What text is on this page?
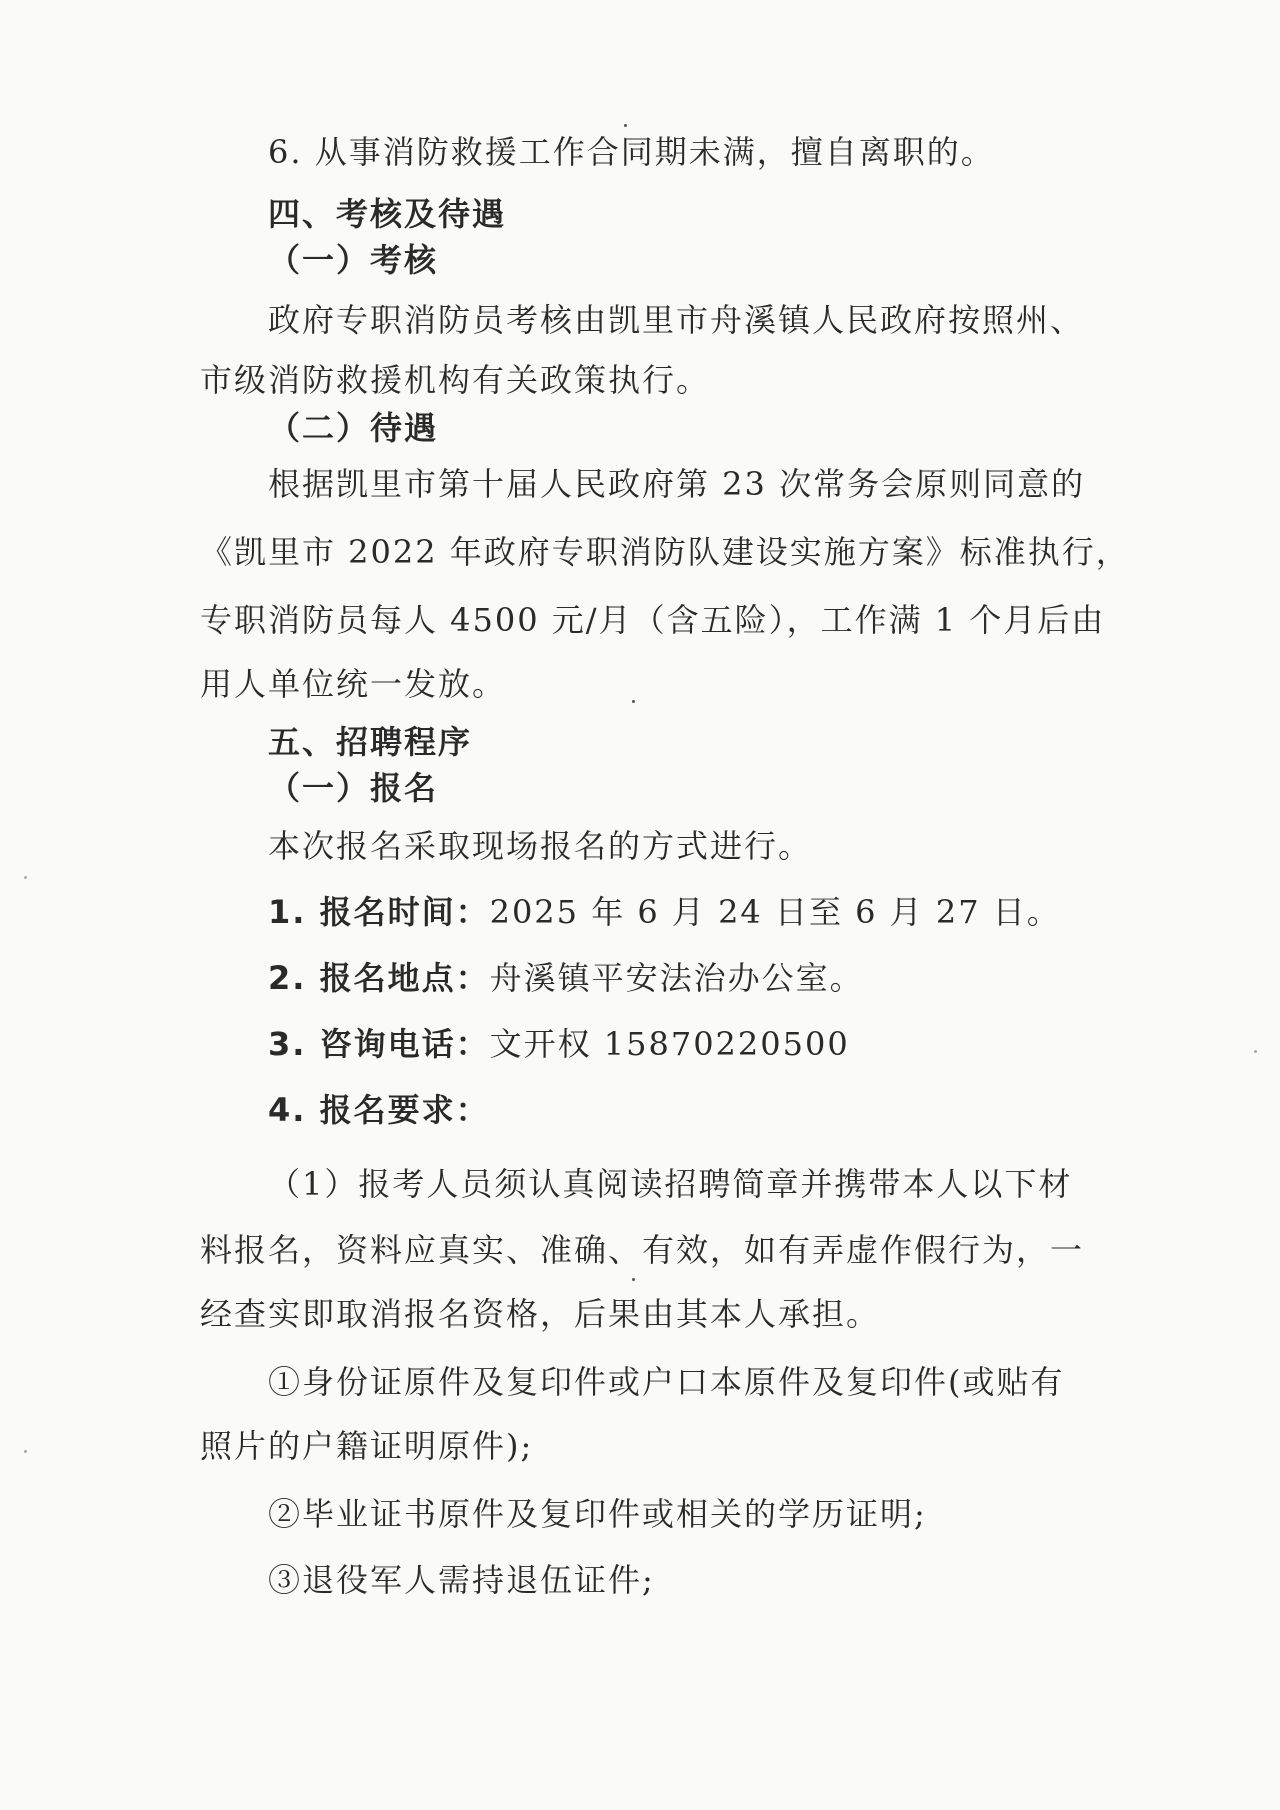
6. 从事消防救援工作合同期未满，擅自离职的。
四、考核及待遇
（一）考核
政府专职消防员考核由凯里市舟溪镇人民政府按照州、
市级消防救援机构有关政策执行。
（二）待遇
根据凯里市第十届人民政府第 23 次常务会原则同意的
《凯里市 2022 年政府专职消防队建设实施方案》标准执行，
专职消防员每人 4500 元/月（含五险），工作满 1 个月后由
用人单位统一发放。
五、招聘程序
（一）报名
本次报名采取现场报名的方式进行。
1. 报名时间：2025 年 6 月 24 日至 6 月 27 日。
2. 报名地点：舟溪镇平安法治办公室。
3. 咨询电话：文开权 15870220500
4. 报名要求：
（1）报考人员须认真阅读招聘简章并携带本人以下材
料报名，资料应真实、准确、有效，如有弄虚作假行为，一
经查实即取消报名资格，后果由其本人承担。
①身份证原件及复印件或户口本原件及复印件(或贴有
照片的户籍证明原件);
②毕业证书原件及复印件或相关的学历证明;
③退役军人需持退伍证件;
